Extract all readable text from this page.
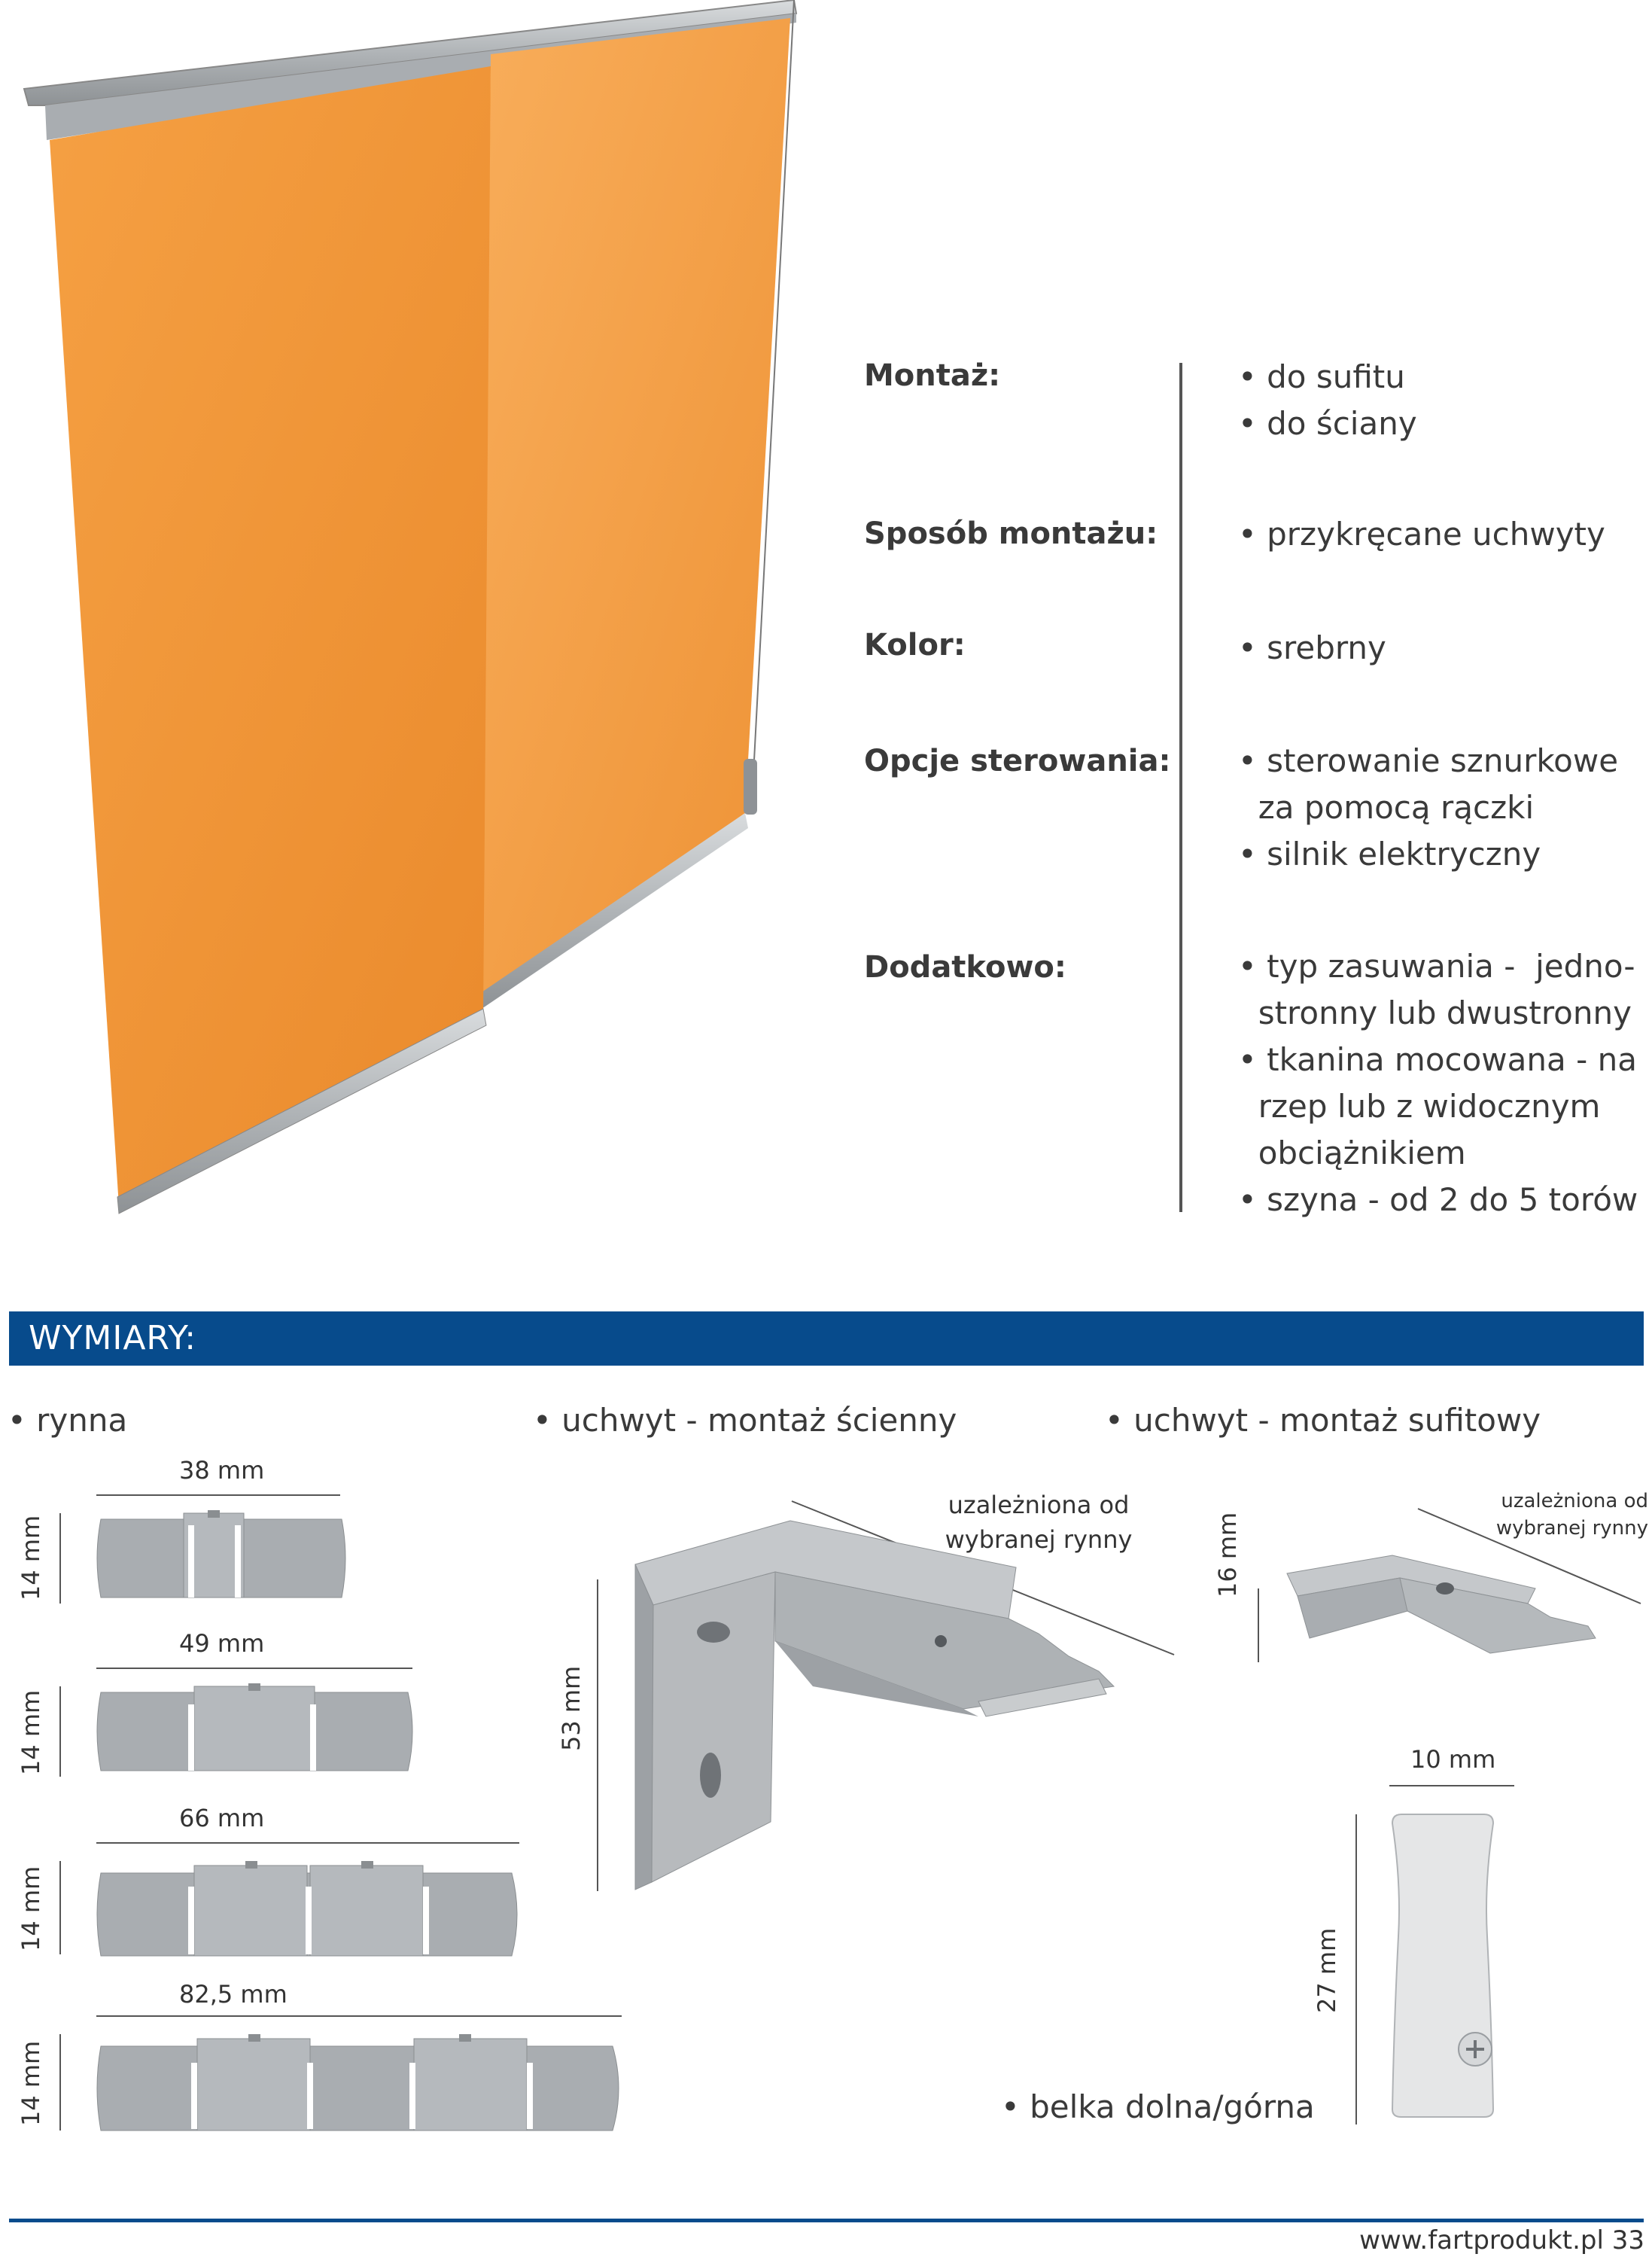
Montaż:	• do sufitu
• do ściany
Sposób montażu:	• przykręcane uchwyty
Kolor:	• srebrny
Opcje sterowania: • sterowanie sznurkowe
za pomocą rączki
• silnik elektryczny
Dodatkowo:	• typ zasuwania -  jedno-
stronny lub dwustronny
• tkanina mocowana - na
rzep lub z widocznym
obciążnikiem
• szyna - od 2 do 5 torów
WYMIARY:
• rynna	• uchwyt - montaż ścienny	• uchwyt - montaż sufitowy
• belka dolna/górna
38 mm
14 mm
49 mm
14 mm
66 mm
14 mm
82,5 mm
14 mm
uzależniona od
wybranej rynny
53 mm
uzależniona od
wybranej rynny
16 mm
10 mm
27 mm
www.fartprodukt.pl 33
